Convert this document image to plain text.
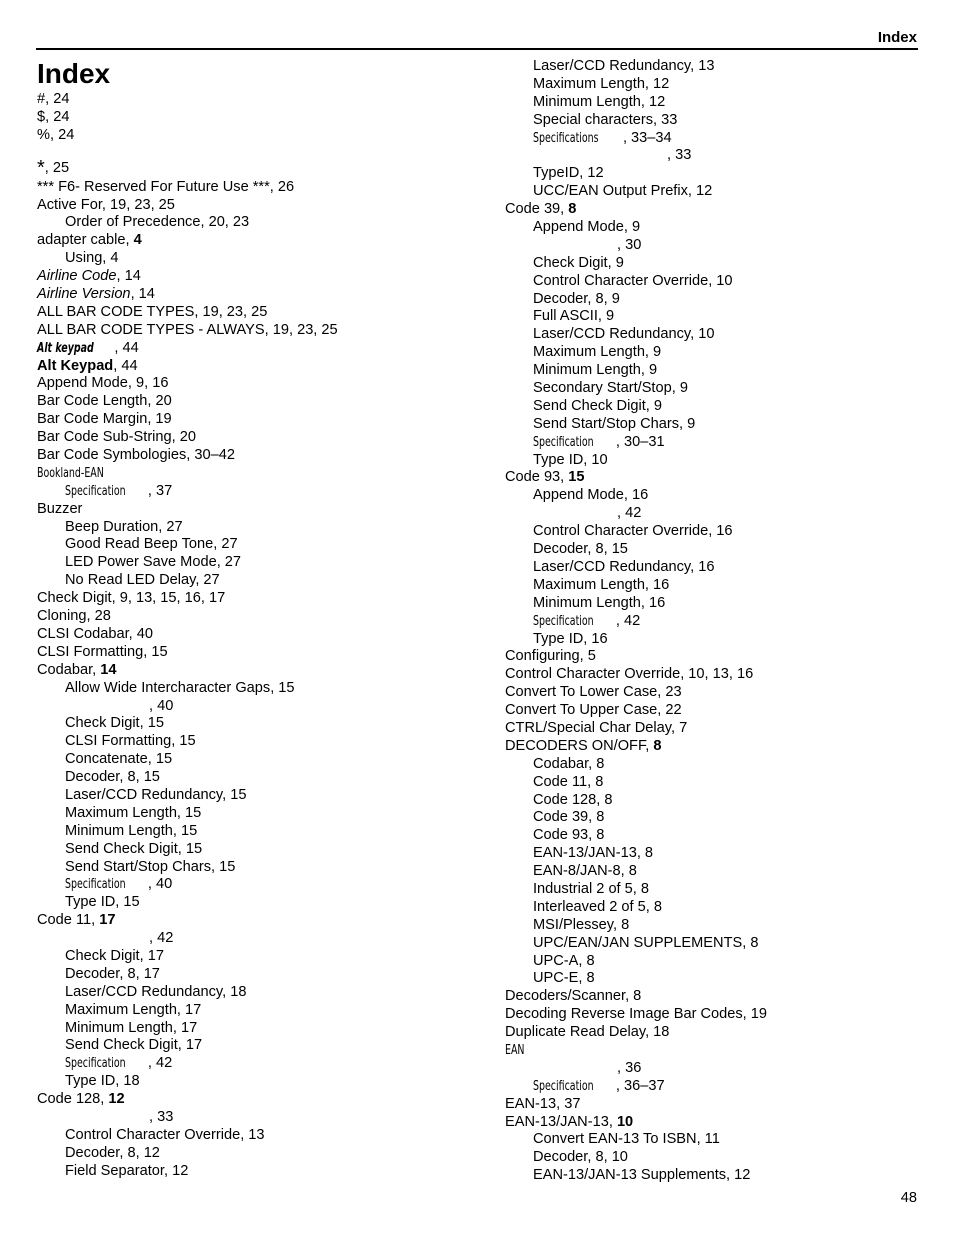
Index
Index
#, 24
$, 24
%, 24
*, 25
*** F6- Reserved For Future Use ***, 26
Active For, 19, 23, 25
Order of Precedence, 20, 23
adapter cable, 4
Using, 4
Airline Code, 14
Airline Version, 14
ALL BAR CODE TYPES, 19, 23, 25
ALL BAR CODE TYPES - ALWAYS, 19, 23, 25
Alt keypad , 44
Alt Keypad, 44
Append Mode, 9, 16
Bar Code Length, 20
Bar Code Margin, 19
Bar Code Sub-String, 20
Bar Code Symbologies, 30–42
Bookland-EAN
Specification , 37
Buzzer
Beep Duration, 27
Good Read Beep Tone, 27
LED Power Save Mode, 27
No Read LED Delay, 27
Check Digit, 9, 13, 15, 16, 17
Cloning, 28
CLSI Codabar, 40
CLSI Formatting, 15
Codabar, 14
Allow Wide Intercharacter Gaps, 15
, 40
Check Digit, 15
CLSI Formatting, 15
Concatenate, 15
Decoder, 8, 15
Laser/CCD Redundancy, 15
Maximum Length, 15
Minimum Length, 15
Send Check Digit, 15
Send Start/Stop Chars, 15
Specification , 40
Type ID, 15
Code 11, 17
, 42
Check Digit, 17
Decoder, 8, 17
Laser/CCD Redundancy, 18
Maximum Length, 17
Minimum Length, 17
Send Check Digit, 17
Specification , 42
Type ID, 18
Code 128, 12
, 33
Control Character Override, 13
Decoder, 8, 12
Field Separator, 12
Laser/CCD Redundancy, 13
Maximum Length, 12
Minimum Length, 12
Special characters, 33
Specifications , 33–34
, 33
TypeID, 12
UCC/EAN Output Prefix, 12
Code 39, 8
Append Mode, 9
, 30
Check Digit, 9
Control Character Override, 10
Decoder, 8, 9
Full ASCII, 9
Laser/CCD Redundancy, 10
Maximum Length, 9
Minimum Length, 9
Secondary Start/Stop, 9
Send Check Digit, 9
Send Start/Stop Chars, 9
Specification , 30–31
Type ID, 10
Code 93, 15
Append Mode, 16
, 42
Control Character Override, 16
Decoder, 8, 15
Laser/CCD Redundancy, 16
Maximum Length, 16
Minimum Length, 16
Specification , 42
Type ID, 16
Configuring, 5
Control Character Override, 10, 13, 16
Convert To Lower Case, 23
Convert To Upper Case, 22
CTRL/Special Char Delay, 7
DECODERS ON/OFF, 8
Codabar, 8
Code 11, 8
Code 128, 8
Code 39, 8
Code 93, 8
EAN-13/JAN-13, 8
EAN-8/JAN-8, 8
Industrial 2 of 5, 8
Interleaved 2 of 5, 8
MSI/Plessey, 8
UPC/EAN/JAN SUPPLEMENTS, 8
UPC-A, 8
UPC-E, 8
Decoders/Scanner, 8
Decoding Reverse Image Bar Codes, 19
Duplicate Read Delay, 18
EAN
, 36
Specification , 36–37
EAN-13, 37
EAN-13/JAN-13, 10
Convert EAN-13 To ISBN, 11
Decoder, 8, 10
EAN-13/JAN-13 Supplements, 12
48
